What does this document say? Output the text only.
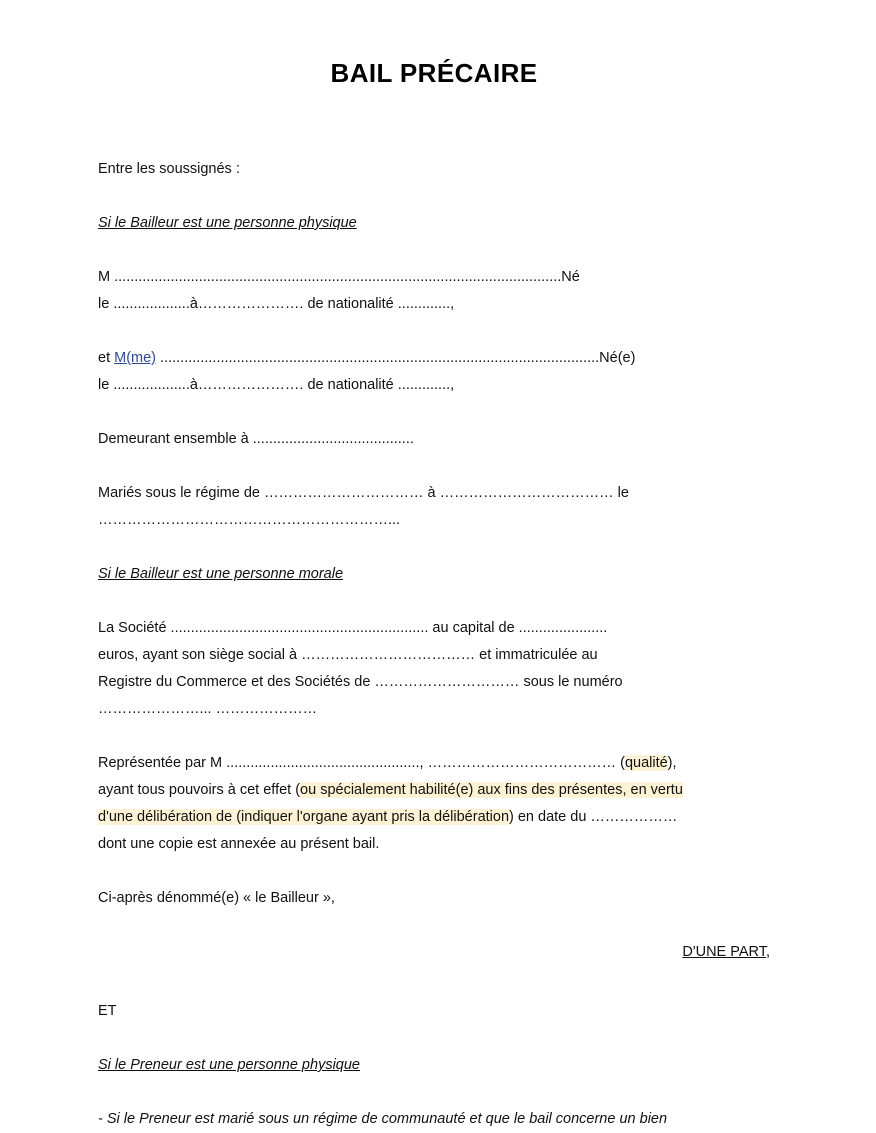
BAIL PRÉCAIRE

Entre les soussignés :

Si le Bailleur est une personne physique

M ...............................................................................................................Né

le ...................à…………………. de nationalité .............,

et M(me) .............................................................................................................Né(e)

le ...................à…………………. de nationalité .............,

Demeurant ensemble à ........................................

Mariés sous le régime de …………………………… à ……………………………… le

……………………………………………………...

Si le Bailleur est une personne morale

La Société ................................................................ au capital de ......................

euros, ayant son siège social à ……………………………… et immatriculée au

Registre du Commerce et des Sociétés de ………………………… sous le numéro

…………………... …………………

Représentée par M ................................................, ………………………………… (qualité),

ayant tous pouvoirs à cet effet (ou spécialement habilité(e) aux fins des présentes, en vertu

d'une délibération de (indiquer l'organe ayant pris la délibération) en date du ………………

dont une copie est annexée au présent bail.

Ci-après dénommé(e) « le Bailleur »,

D'UNE PART,

ET

Si le Preneur est une personne physique

- Si le Preneur est marié sous un régime de communauté et que le bail concerne un bien
